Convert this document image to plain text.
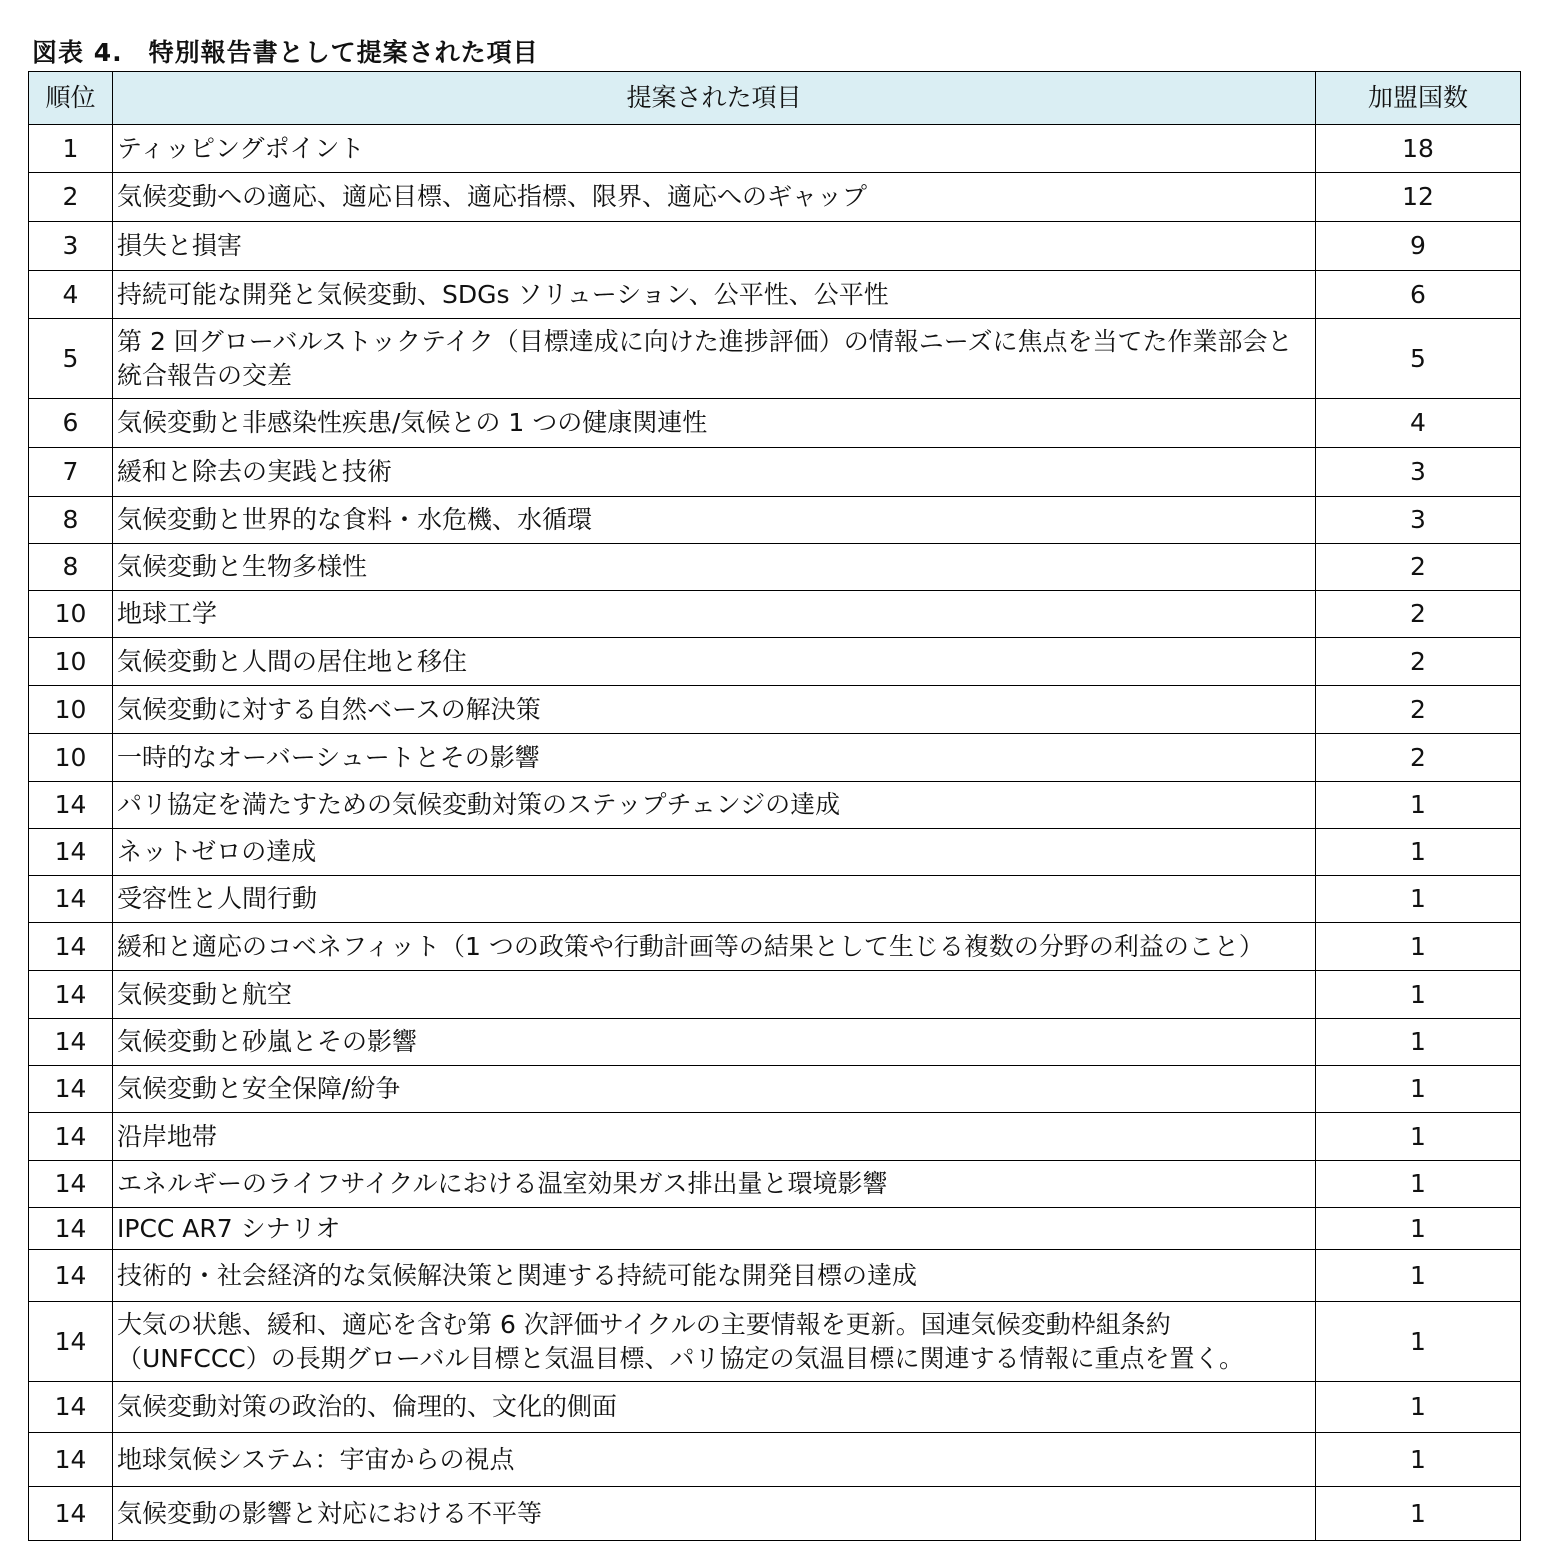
図表 4.　特別報告書として提案された項目
順位	提案された項目	加盟国数
1	ティッピングポイント	18
2	気候変動への適応、適応目標、適応指標、限界、適応へのギャップ	12
3	損失と損害	9
4	持続可能な開発と気候変動、SDGs ソリューション、公平性、公平性	6
5	第 2 回グローバルストックテイク（目標達成に向けた進捗評価）の情報ニーズに焦点を当てた作業部会と統合報告の交差	5
6	気候変動と非感染性疾患/気候との 1 つの健康関連性	4
7	緩和と除去の実践と技術	3
8	気候変動と世界的な食料・水危機、水循環	3
8	気候変動と生物多様性	2
10	地球工学	2
10	気候変動と人間の居住地と移住	2
10	気候変動に対する自然ベースの解決策	2
10	一時的なオーバーシュートとその影響	2
14	パリ協定を満たすための気候変動対策のステップチェンジの達成	1
14	ネットゼロの達成	1
14	受容性と人間行動	1
14	緩和と適応のコベネフィット（1 つの政策や行動計画等の結果として生じる複数の分野の利益のこと）	1
14	気候変動と航空	1
14	気候変動と砂嵐とその影響	1
14	気候変動と安全保障/紛争	1
14	沿岸地帯	1
14	エネルギーのライフサイクルにおける温室効果ガス排出量と環境影響	1
14	IPCC AR7 シナリオ	1
14	技術的・社会経済的な気候解決策と関連する持続可能な開発目標の達成	1
14	大気の状態、緩和、適応を含む第 6 次評価サイクルの主要情報を更新。国連気候変動枠組条約（UNFCCC）の長期グローバル目標と気温目標、パリ協定の気温目標に関連する情報に重点を置く。	1
14	気候変動対策の政治的、倫理的、文化的側面	1
14	地球気候システム：宇宙からの視点	1
14	気候変動の影響と対応における不平等	1
